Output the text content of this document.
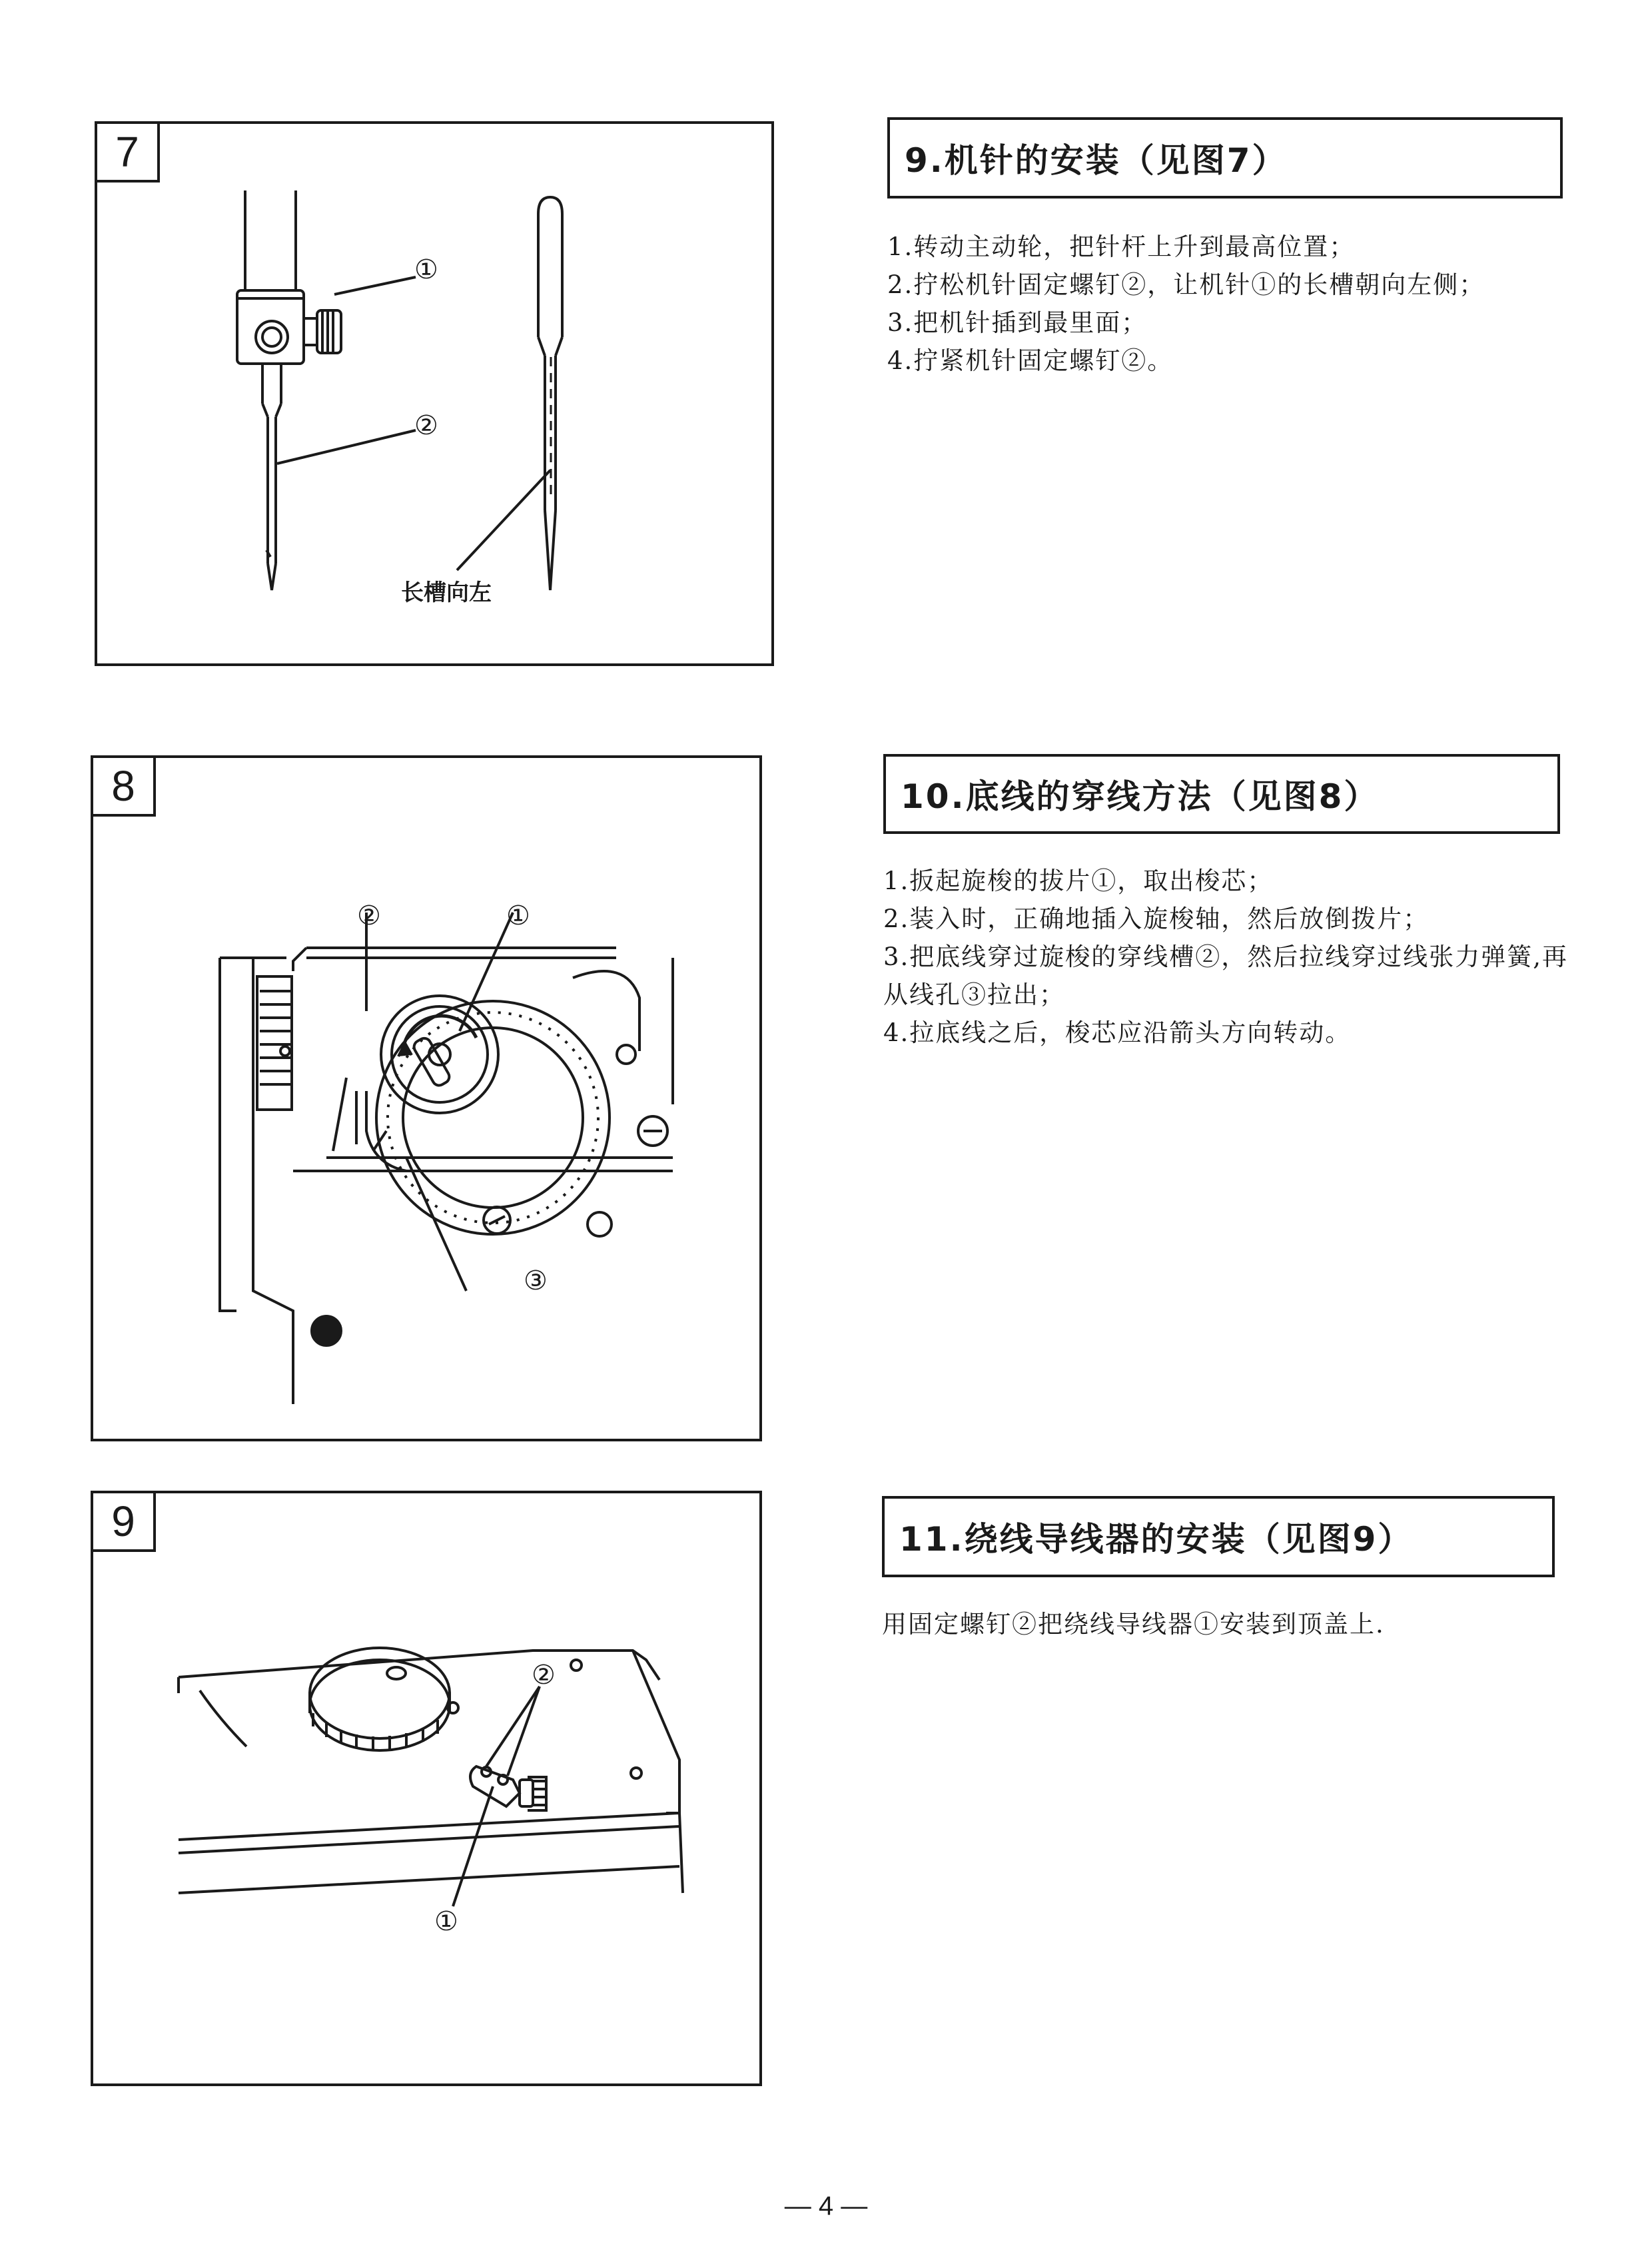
7
①
②
长槽向左
9.机针的安装（见图7）
1.转动主动轮，把针杆上升到最高位置；
2.拧松机针固定螺钉②，让机针①的长槽朝向左侧；
3.把机针插到最里面；
4.拧紧机针固定螺钉②。
8
②	①
③
10.底线的穿线方法（见图8）
1.扳起旋梭的拔片①，取出梭芯；
2.装入时，正确地插入旋梭轴，然后放倒拨片；
3.把底线穿过旋梭的穿线槽②，然后拉线穿过线张力弹簧,再从线孔③拉出；
4.拉底线之后，梭芯应沿箭头方向转动。
9
②
①
11.绕线导线器的安装（见图9）
用固定螺钉②把绕线导线器①安装到顶盖上.
— 4 —
